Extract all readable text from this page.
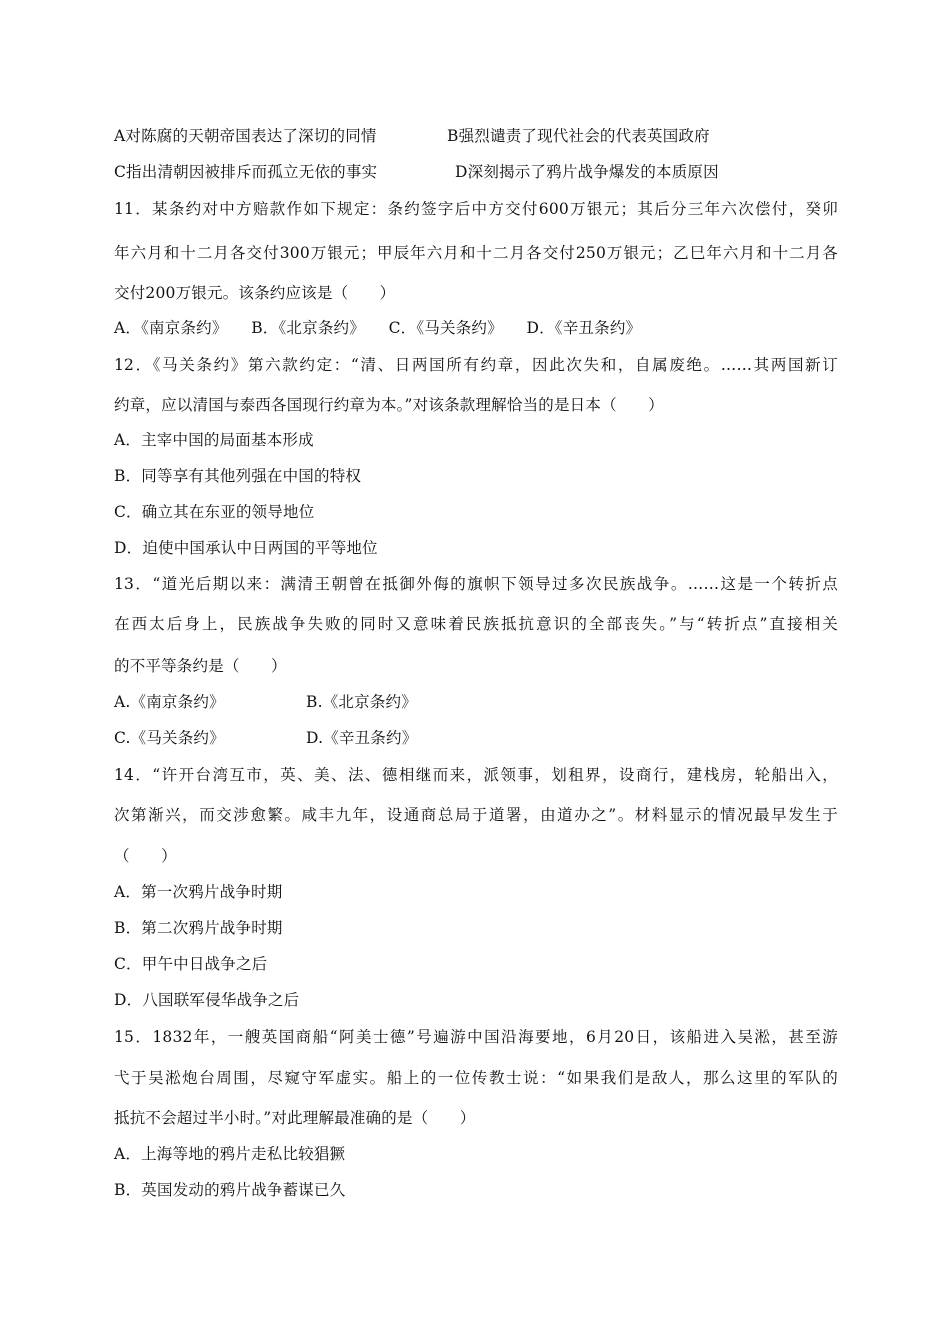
A对陈腐的天朝帝国表达了深切的同情	B强烈谴责了现代社会的代表英国政府
C指出清朝因被排斥而孤立无依的事实	D深刻揭示了鸦片战争爆发的本质原因
11．某条约对中方赔款作如下规定：条约签字后中方交付600万银元；其后分三年六次偿付，癸卯
年六月和十二月各交付300万银元；甲辰年六月和十二月各交付250万银元；乙巳年六月和十二月各
交付200万银元。该条约应该是（　　）
A．《南京条约》　　B．《北京条约》　　C．《马关条约》　　D．《辛丑条约》
12．《马关条约》第六款约定：“清、日两国所有约章，因此次失和，自属废绝。……其两国新订
约章，应以清国与泰西各国现行约章为本。”对该条款理解恰当的是日本（　　）
A．主宰中国的局面基本形成
B．同等享有其他列强在中国的特权
C．确立其在东亚的领导地位
D．迫使中国承认中日两国的平等地位
13．“道光后期以来：满清王朝曾在抵御外侮的旗帜下领导过多次民族战争。……这是一个转折点
在西太后身上，民族战争失败的同时又意味着民族抵抗意识的全部丧失。”与“转折点”直接相关
的不平等条约是（　　）
A.《南京条约》	B.《北京条约》
C.《马关条约》	D.《辛丑条约》
14．“许开台湾互市，英、美、法、德相继而来，派领事，划租界，设商行，建栈房，轮船出入，
次第渐兴，而交涉愈繁。咸丰九年，设通商总局于道署，由道办之”。材料显示的情况最早发生于
（　　）
A．第一次鸦片战争时期
B．第二次鸦片战争时期
C．甲午中日战争之后
D．八国联军侵华战争之后
15．1832年，一艘英国商船“阿美士德”号遍游中国沿海要地，6月20日，该船进入吴淞，甚至游
弋于吴淞炮台周围，尽窥守军虚实。船上的一位传教士说：“如果我们是敌人，那么这里的军队的
抵抗不会超过半小时。”对此理解最准确的是（　　）
A．上海等地的鸦片走私比较猖獗
B．英国发动的鸦片战争蓄谋已久
